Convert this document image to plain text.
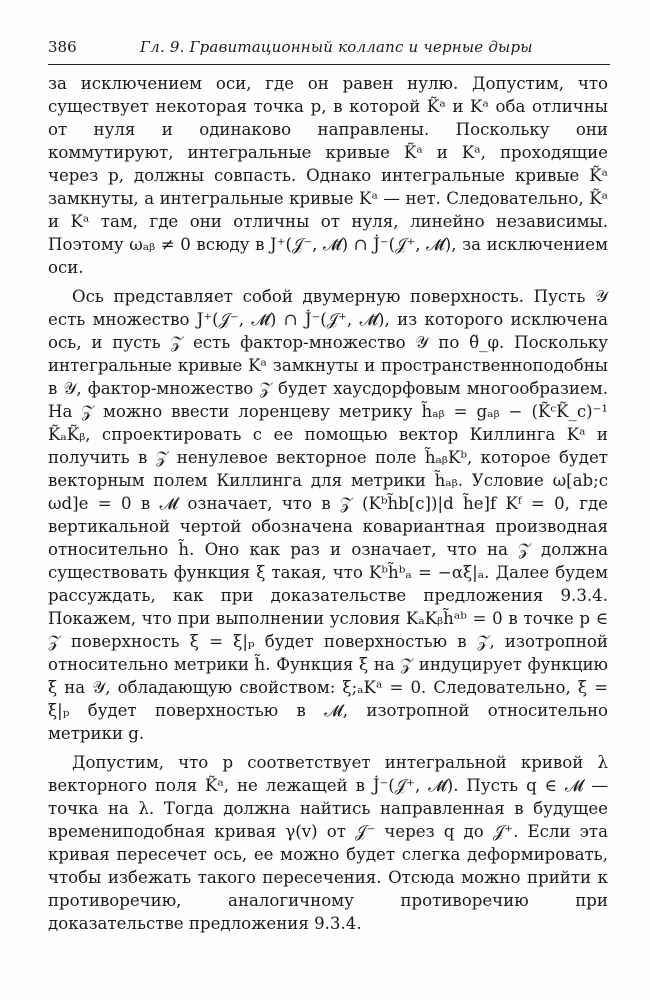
386	Гл. 9. Гравитационный коллапс и черные дыры

за исключением оси, где он равен нулю. Допустим, что существует некоторая точка p, в которой K̃ᵃ и Kᵃ оба отличны от нуля и одинаково направлены. Поскольку они коммутируют, интегральные кривые K̃ᵃ и Kᵃ, проходящие через p, должны совпасть. Однако интегральные кривые K̃ᵃ замкнуты, а интегральные кривые Kᵃ — нет. Следовательно, K̃ᵃ и Kᵃ там, где они отличны от нуля, линейно независимы. Поэтому ωₐᵦ ≠ 0 всюду в J⁺(𝒥⁻, 𝓜̄) ∩ J̇⁻(𝒥⁺, 𝓜̄), за исключением оси.

Ось представляет собой двумерную поверхность. Пусть 𝒴 есть множество J⁺(𝒥⁻, 𝓜̄) ∩ J̇⁻(𝒥⁺, 𝓜̄), из которого исключена ось, и пусть 𝒵 есть фактор-множество 𝒴 по θ̃_φ. Поскольку интегральные кривые Kᵃ замкнуты и пространственноподобны в 𝒴, фактор-множество 𝒵 будет хаусдорфовым многообразием. На 𝒵 можно ввести лоренцеву метрику h̃ₐᵦ = gₐᵦ − (K̃ᶜK̃_c)⁻¹ K̃ₐK̃ᵦ, спроектировать с ее помощью вектор Киллинга Kᵃ и получить в 𝒵 ненулевое векторное поле h̃ₐᵦKᵇ, которое будет векторным полем Киллинга для метрики h̃ₐᵦ. Условие ω[ab;c ωd]e = 0 в 𝓜 означает, что в 𝒵 (Kᵇh̃b[c])|d h̃e]f Kᶠ = 0, где вертикальной чертой обозначена ковариантная производная относительно h̃. Оно как раз и означает, что на 𝒵 должна существовать функция ξ такая, что Kᵇh̃ᵇₐ = −αξ|ₐ. Далее будем рассуждать, как при доказательстве предложения 9.3.4. Покажем, что при выполнении условия KₐKᵦh̃ᵃᵇ = 0 в точке p ∈ 𝒵 поверхность ξ = ξ|ₚ будет поверхностью в 𝒵, изотропной относительно метрики h̃. Функция ξ на 𝒵 индуцирует функцию ξ на 𝒴, обладающую свойством: ξ;ₐKᵃ = 0. Следовательно, ξ = ξ|ₚ будет поверхностью в 𝓜, изотропной относительно метрики g.

Допустим, что p соответствует интегральной кривой λ векторного поля K̃ᵃ, не лежащей в J̇⁻(𝒥⁺, 𝓜̄). Пусть q ∈ 𝓜 — точка на λ. Тогда должна найтись направленная в будущее времениподобная кривая γ(v) от 𝒥⁻ через q до 𝒥⁺. Если эта кривая пересечет ось, ее можно будет слегка деформировать, чтобы избежать такого пересечения. Отсюда можно прийти к противоречию, аналогичному противоречию при доказательстве предложения 9.3.4.
